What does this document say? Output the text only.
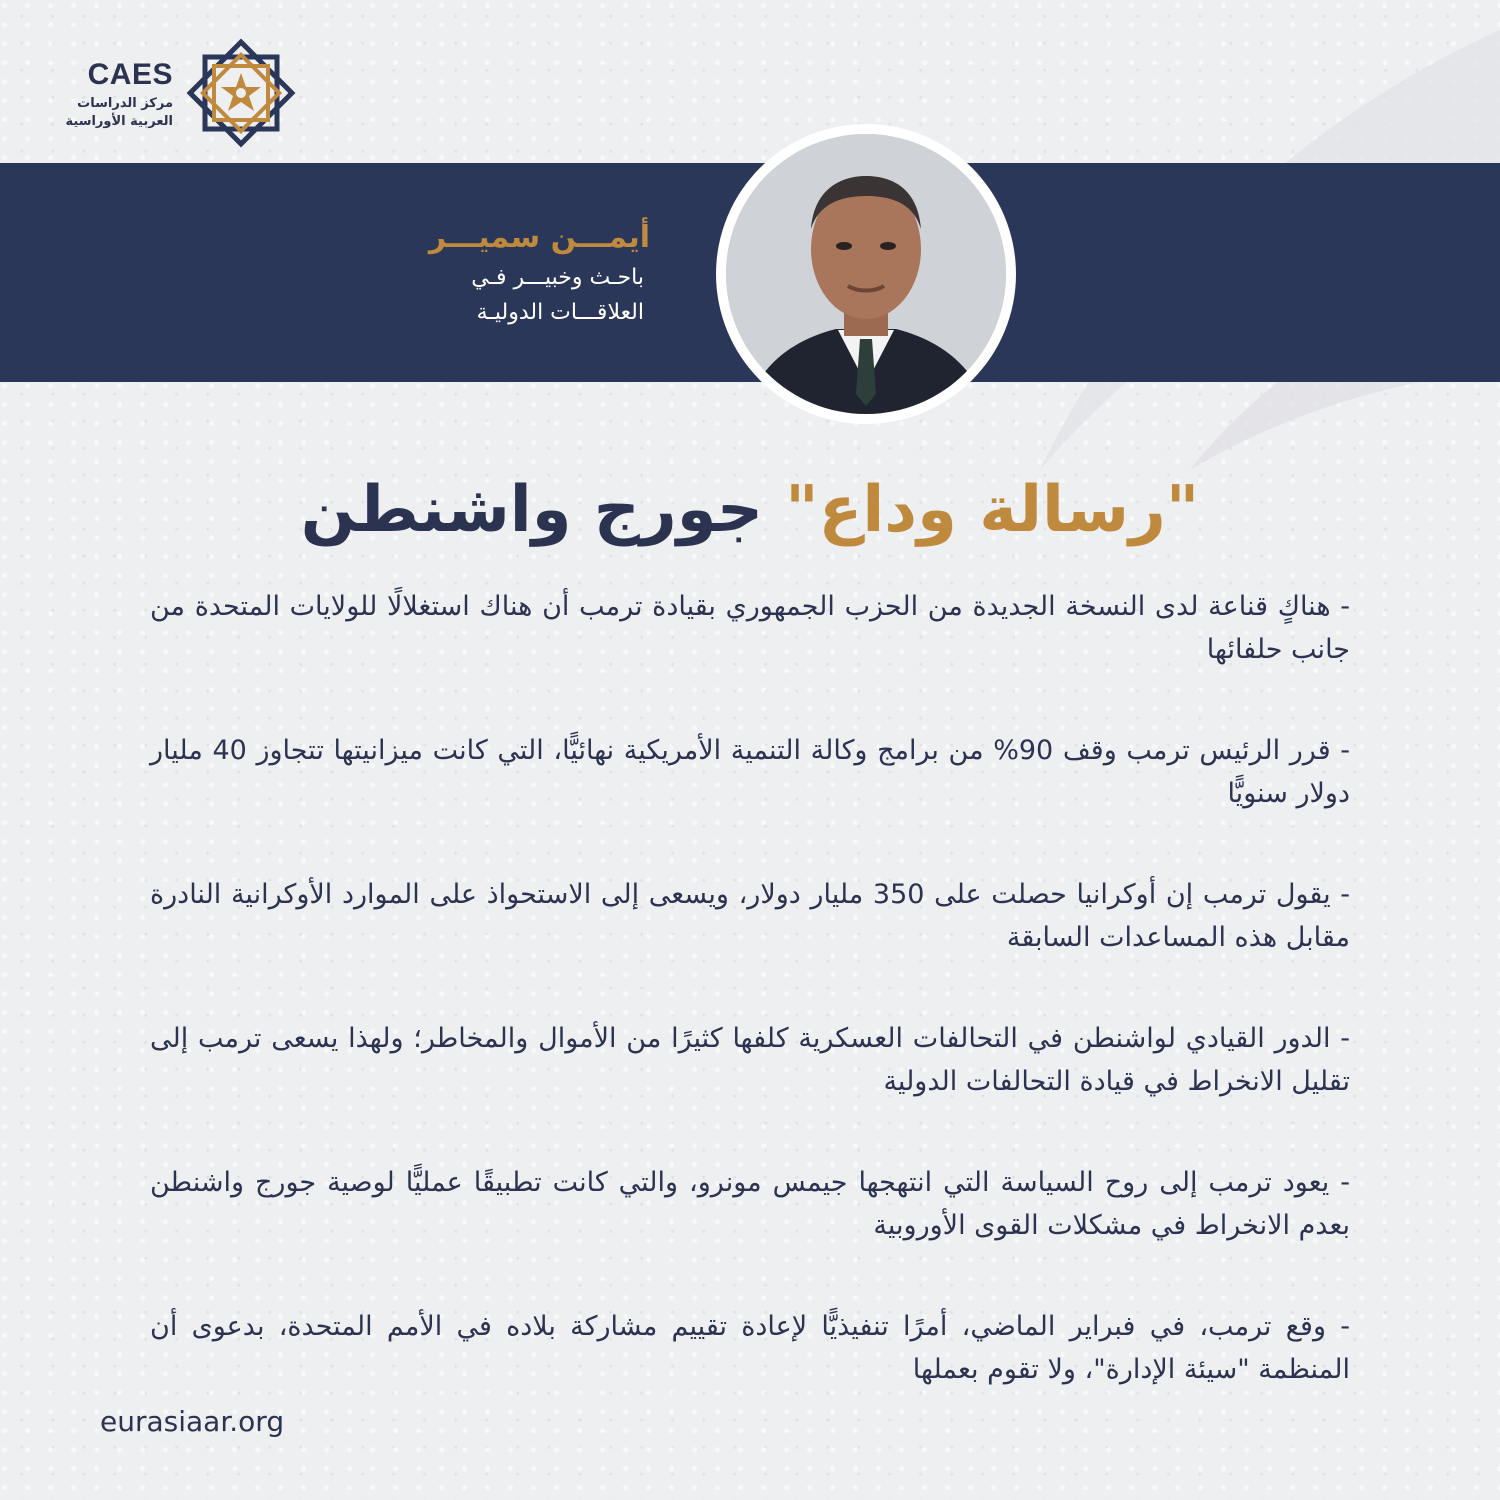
CAES
مركز الدراسات
العربية الأوراسية
أيمـــن سميـــر
باحـث وخبيـــر فـي
العلاقـــات الدوليـة
"رسالة وداع" جورج واشنطن

- هناكٍ قناعة لدى النسخة الجديدة من الحزب الجمهوري بقيادة ترمب أن هناك استغلالًا للولايات المتحدة من جانب حلفائها

- قرر الرئيس ترمب وقف 90% من برامج وكالة التنمية الأمريكية نهائيًّا، التي كانت ميزانيتها تتجاوز 40 مليار دولار سنويًّا

- يقول ترمب إن أوكرانيا حصلت على 350 مليار دولار، ويسعى إلى الاستحواذ على الموارد الأوكرانية النادرة مقابل هذه المساعدات السابقة

- الدور القيادي لواشنطن في التحالفات العسكرية كلفها كثيرًا من الأموال والمخاطر؛ ولهذا يسعى ترمب إلى تقليل الانخراط في قيادة التحالفات الدولية

- يعود ترمب إلى روح السياسة التي انتهجها جيمس مونرو، والتي كانت تطبيقًا عمليًّا لوصية جورج واشنطن بعدم الانخراط في مشكلات القوى الأوروبية

- وقع ترمب، في فبراير الماضي، أمرًا تنفيذيًّا لإعادة تقييم مشاركة بلاده في الأمم المتحدة، بدعوى أن المنظمة "سيئة الإدارة"، ولا تقوم بعملها

eurasiaar.org
